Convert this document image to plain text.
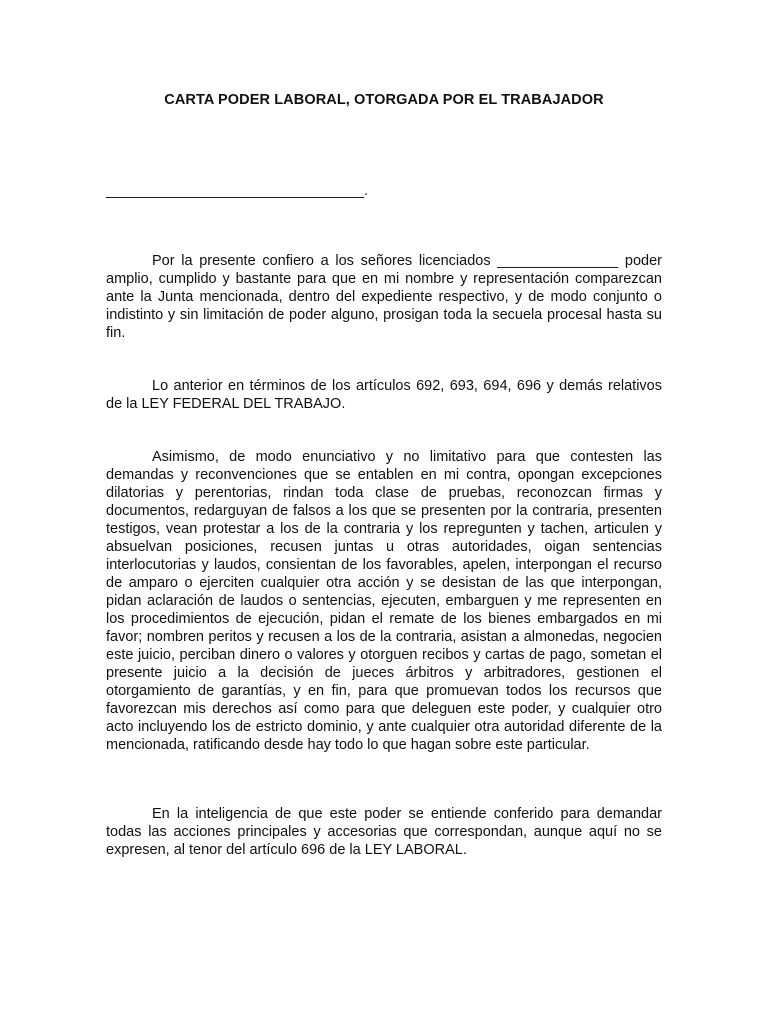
CARTA PODER LABORAL, OTORGADA POR EL TRABAJADOR

________________________________.

Por la presente confiero a los señores licenciados _______________ poder amplio, cumplido y bastante para que en mi nombre y representación comparezcan ante la Junta mencionada, dentro del expediente respectivo, y de modo conjunto o indistinto y sin limitación de poder alguno, prosigan toda la secuela procesal hasta su fin.

Lo anterior en términos de los artículos 692, 693, 694, 696 y demás relativos de la LEY FEDERAL DEL TRABAJO.

Asimismo, de modo enunciativo y no limitativo para que contesten las demandas y reconvenciones que se entablen en mi contra, opongan excepciones dilatorias y perentorias, rindan toda clase de pruebas, reconozcan firmas y documentos, redarguyan de falsos a los que se presenten por la contraria, presenten testigos, vean protestar a los de la contraria y los repregunten y tachen, articulen y absuelvan posiciones, recusen juntas u otras autoridades, oigan sentencias interlocutorias y laudos, consientan de los favorables, apelen, interpongan el recurso de amparo o ejerciten cualquier otra acción y se desistan de las que interpongan, pidan aclaración de laudos o sentencias, ejecuten, embarguen y me representen en los procedimientos de ejecución, pidan el remate de los bienes embargados en mi favor; nombren peritos y recusen a los de la contraria, asistan a almonedas, negocien este juicio, perciban dinero o valores y otorguen recibos y cartas de pago, sometan el presente juicio a la decisión de jueces árbitros y arbitradores, gestionen el otorgamiento de garantías, y en fin, para que promuevan todos los recursos que favorezcan mis derechos así como para que deleguen este poder, y cualquier otro acto incluyendo los de estricto dominio, y ante cualquier otra autoridad diferente de la mencionada, ratificando desde hay todo lo que hagan sobre este particular.

En la inteligencia de que este poder se entiende conferido para demandar todas las acciones principales y accesorias que correspondan, aunque aquí no se expresen, al tenor del artículo 696 de la LEY LABORAL.
